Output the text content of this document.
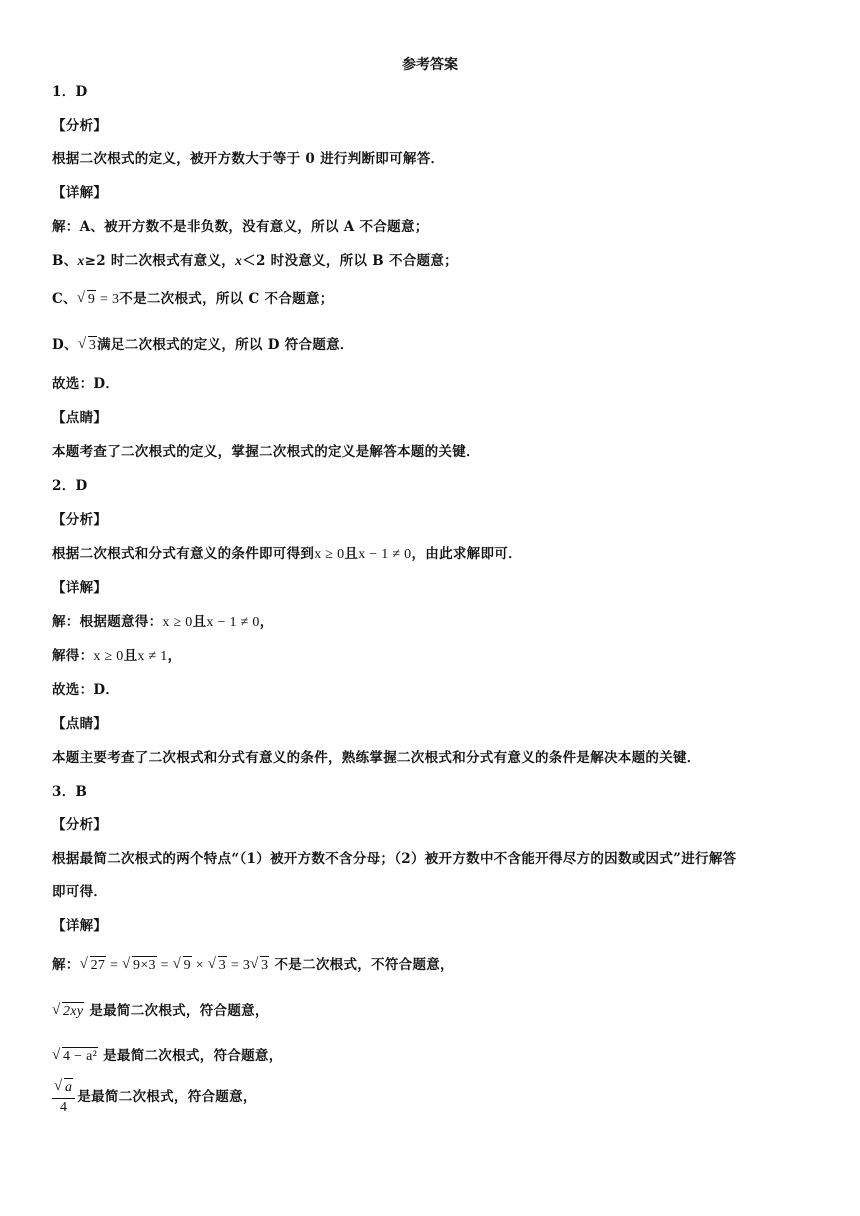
参考答案
1．D
【分析】
根据二次根式的定义，被开方数大于等于 0 进行判断即可解答．
【详解】
解：A、被开方数不是非负数，没有意义，所以 A 不合题意；
B、x≥2 时二次根式有意义，x＜2 时没意义，所以 B 不合题意；
C、 √ 9 = 3不是二次根式，所以 C 不合题意；
D、 √ 3满足二次根式的定义，所以 D 符合题意．
故选：D．
【点睛】
本题考查了二次根式的定义，掌握二次根式的定义是解答本题的关键．
2．D
【分析】
根据二次根式和分式有意义的条件即可得到x ≥ 0且x − 1 ≠ 0，由此求解即可．
【详解】
解：根据题意得：x ≥ 0且x − 1 ≠ 0，
解得：x ≥ 0且x ≠ 1，
故选：D．
【点睛】
本题主要考查了二次根式和分式有意义的条件，熟练掌握二次根式和分式有意义的条件是解决本题的关键．
3．B
【分析】
根据最简二次根式的两个特点“（1）被开方数不含分母；（2）被开方数中不含能开得尽方的因数或因式”进行解答
即可得．
【详解】
解： √ 27 = √ 9×3 = √ 9 × √ 3 = 3 √ 3 不是二次根式，不符合题意，
√ 2xy 是最简二次根式，符合题意，
√ 4 − a² 是最简二次根式，符合题意，
√ $\frac{a}{4}$ 是最简二次根式，符合题意，
